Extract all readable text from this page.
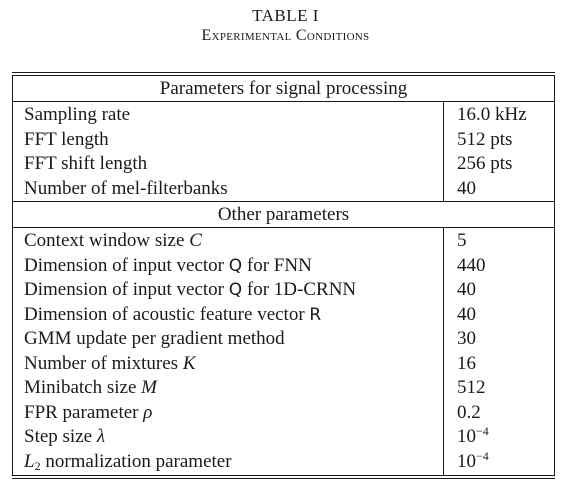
TABLE I
Experimental Conditions
Parameters for signal processing
Sampling rate	16.0 kHz
FFT length	512 pts
FFT shift length	256 pts
Number of mel-filterbanks	40
Other parameters
Context window size C	5
Dimension of input vector Q for FNN	440
Dimension of input vector Q for 1D-CRNN	40
Dimension of acoustic feature vector R	40
GMM update per gradient method	30
Number of mixtures K	16
Minibatch size M	512
FPR parameter ρ	0.2
Step size λ	$10^{-4}$
$L_2$ normalization parameter	$10^{-4}$
